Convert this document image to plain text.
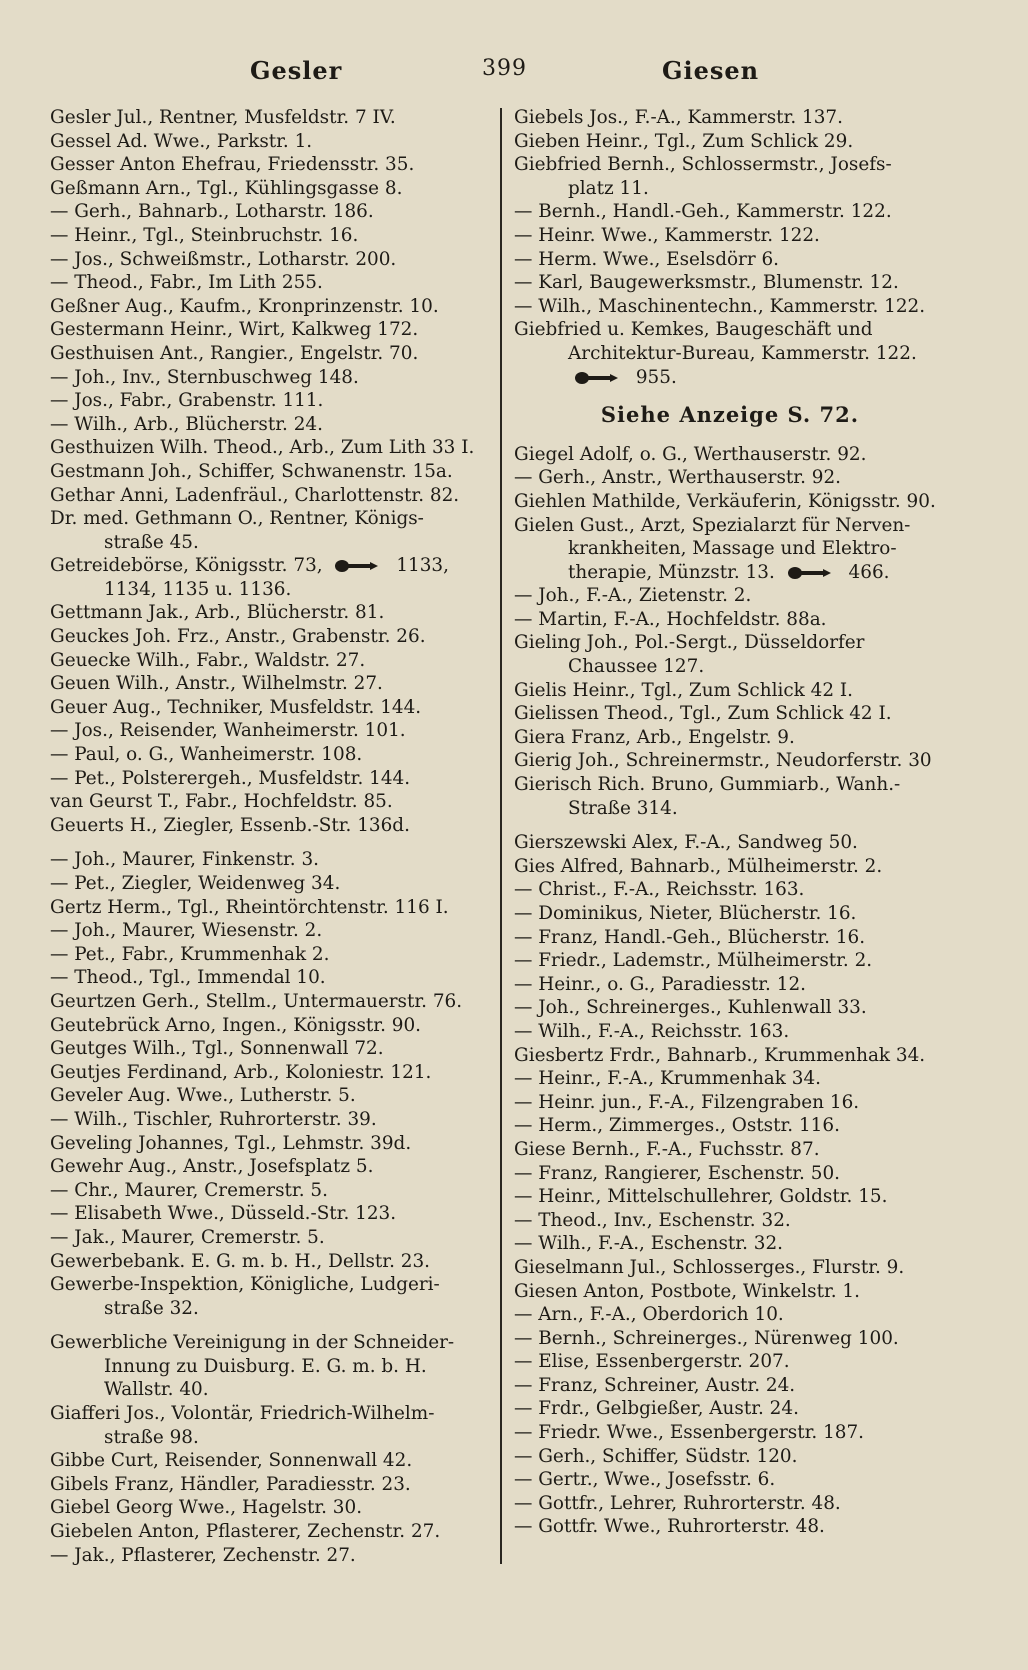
Gesler	399	Giesen
Gesler Jul., Rentner, Musfeldstr. 7 IV.
Gessel Ad. Wwe., Parkstr. 1.
Gesser Anton Ehefrau, Friedensstr. 35.
Geßmann Arn., Tgl., Kühlingsgasse 8.
— Gerh., Bahnarb., Lotharstr. 186.
— Heinr., Tgl., Steinbruchstr. 16.
— Jos., Schweißmstr., Lotharstr. 200.
— Theod., Fabr., Im Lith 255.
Geßner Aug., Kaufm., Kronprinzenstr. 10.
Gestermann Heinr., Wirt, Kalkweg 172.
Gesthuisen Ant., Rangier., Engelstr. 70.
— Joh., Inv., Sternbuschweg 148.
— Jos., Fabr., Grabenstr. 111.
— Wilh., Arb., Blücherstr. 24.
Gesthuizen Wilh. Theod., Arb., Zum Lith 33 I.
Gestmann Joh., Schiffer, Schwanenstr. 15a.
Gethar Anni, Ladenfräul., Charlottenstr. 82.
Dr. med. Gethmann O., Rentner, Königs-
straße 45.
Getreidebörse, Königsstr. 73,	1133,
1134, 1135 u. 1136.
Gettmann Jak., Arb., Blücherstr. 81.
Geuckes Joh. Frz., Anstr., Grabenstr. 26.
Geuecke Wilh., Fabr., Waldstr. 27.
Geuen Wilh., Anstr., Wilhelmstr. 27.
Geuer Aug., Techniker, Musfeldstr. 144.
— Jos., Reisender, Wanheimerstr. 101.
— Paul, o. G., Wanheimerstr. 108.
— Pet., Polsterergeh., Musfeldstr. 144.
van Geurst T., Fabr., Hochfeldstr. 85.
Geuerts H., Ziegler, Essenb.-Str. 136d.
— Joh., Maurer, Finkenstr. 3.
— Pet., Ziegler, Weidenweg 34.
Gertz Herm., Tgl., Rheintörchtenstr. 116 I.
— Joh., Maurer, Wiesenstr. 2.
— Pet., Fabr., Krummenhak 2.
— Theod., Tgl., Immendal 10.
Geurtzen Gerh., Stellm., Untermauerstr. 76.
Geutebrück Arno, Ingen., Königsstr. 90.
Geutges Wilh., Tgl., Sonnenwall 72.
Geutjes Ferdinand, Arb., Koloniestr. 121.
Geveler Aug. Wwe., Lutherstr. 5.
— Wilh., Tischler, Ruhrorterstr. 39.
Geveling Johannes, Tgl., Lehmstr. 39d.
Gewehr Aug., Anstr., Josefsplatz 5.
— Chr., Maurer, Cremerstr. 5.
— Elisabeth Wwe., Düsseld.-Str. 123.
— Jak., Maurer, Cremerstr. 5.
Gewerbebank. E. G. m. b. H., Dellstr. 23.
Gewerbe-Inspektion, Königliche, Ludgeri-
straße 32.
Gewerbliche Vereinigung in der Schneider-
Innung zu Duisburg. E. G. m. b. H.
Wallstr. 40.
Giafferi Jos., Volontär, Friedrich-Wilhelm-
straße 98.
Gibbe Curt, Reisender, Sonnenwall 42.
Gibels Franz, Händler, Paradiesstr. 23.
Giebel Georg Wwe., Hagelstr. 30.
Giebelen Anton, Pflasterer, Zechenstr. 27.
— Jak., Pflasterer, Zechenstr. 27.
Giebels Jos., F.-A., Kammerstr. 137.
Gieben Heinr., Tgl., Zum Schlick 29.
Giebfried Bernh., Schlossermstr., Josefs-
platz 11.
— Bernh., Handl.-Geh., Kammerstr. 122.
— Heinr. Wwe., Kammerstr. 122.
— Herm. Wwe., Eselsdörr 6.
— Karl, Baugewerksmstr., Blumenstr. 12.
— Wilh., Maschinentechn., Kammerstr. 122.
Giebfried u. Kemkes, Baugeschäft und
Architektur-Bureau, Kammerstr. 122.
955.
Siehe Anzeige S. 72.
Giegel Adolf, o. G., Werthauserstr. 92.
— Gerh., Anstr., Werthauserstr. 92.
Giehlen Mathilde, Verkäuferin, Königsstr. 90.
Gielen Gust., Arzt, Spezialarzt für Nerven-
krankheiten, Massage und Elektro-
therapie, Münzstr. 13.	466.
— Joh., F.-A., Zietenstr. 2.
— Martin, F.-A., Hochfeldstr. 88a.
Gieling Joh., Pol.-Sergt., Düsseldorfer
Chaussee 127.
Gielis Heinr., Tgl., Zum Schlick 42 I.
Gielissen Theod., Tgl., Zum Schlick 42 I.
Giera Franz, Arb., Engelstr. 9.
Gierig Joh., Schreinermstr., Neudorferstr. 30
Gierisch Rich. Bruno, Gummiarb., Wanh.-
Straße 314.
Gierszewski Alex, F.-A., Sandweg 50.
Gies Alfred, Bahnarb., Mülheimerstr. 2.
— Christ., F.-A., Reichsstr. 163.
— Dominikus, Nieter, Blücherstr. 16.
— Franz, Handl.-Geh., Blücherstr. 16.
— Friedr., Lademstr., Mülheimerstr. 2.
— Heinr., o. G., Paradiesstr. 12.
— Joh., Schreinerges., Kuhlenwall 33.
— Wilh., F.-A., Reichsstr. 163.
Giesbertz Frdr., Bahnarb., Krummenhak 34.
— Heinr., F.-A., Krummenhak 34.
— Heinr. jun., F.-A., Filzengraben 16.
— Herm., Zimmerges., Oststr. 116.
Giese Bernh., F.-A., Fuchsstr. 87.
— Franz, Rangierer, Eschenstr. 50.
— Heinr., Mittelschullehrer, Goldstr. 15.
— Theod., Inv., Eschenstr. 32.
— Wilh., F.-A., Eschenstr. 32.
Gieselmann Jul., Schlosserges., Flurstr. 9.
Giesen Anton, Postbote, Winkelstr. 1.
— Arn., F.-A., Oberdorich 10.
— Bernh., Schreinerges., Nürenweg 100.
— Elise, Essenbergerstr. 207.
— Franz, Schreiner, Austr. 24.
— Frdr., Gelbgießer, Austr. 24.
— Friedr. Wwe., Essenbergerstr. 187.
— Gerh., Schiffer, Südstr. 120.
— Gertr., Wwe., Josefsstr. 6.
— Gottfr., Lehrer, Ruhrorterstr. 48.
— Gottfr. Wwe., Ruhrorterstr. 48.
